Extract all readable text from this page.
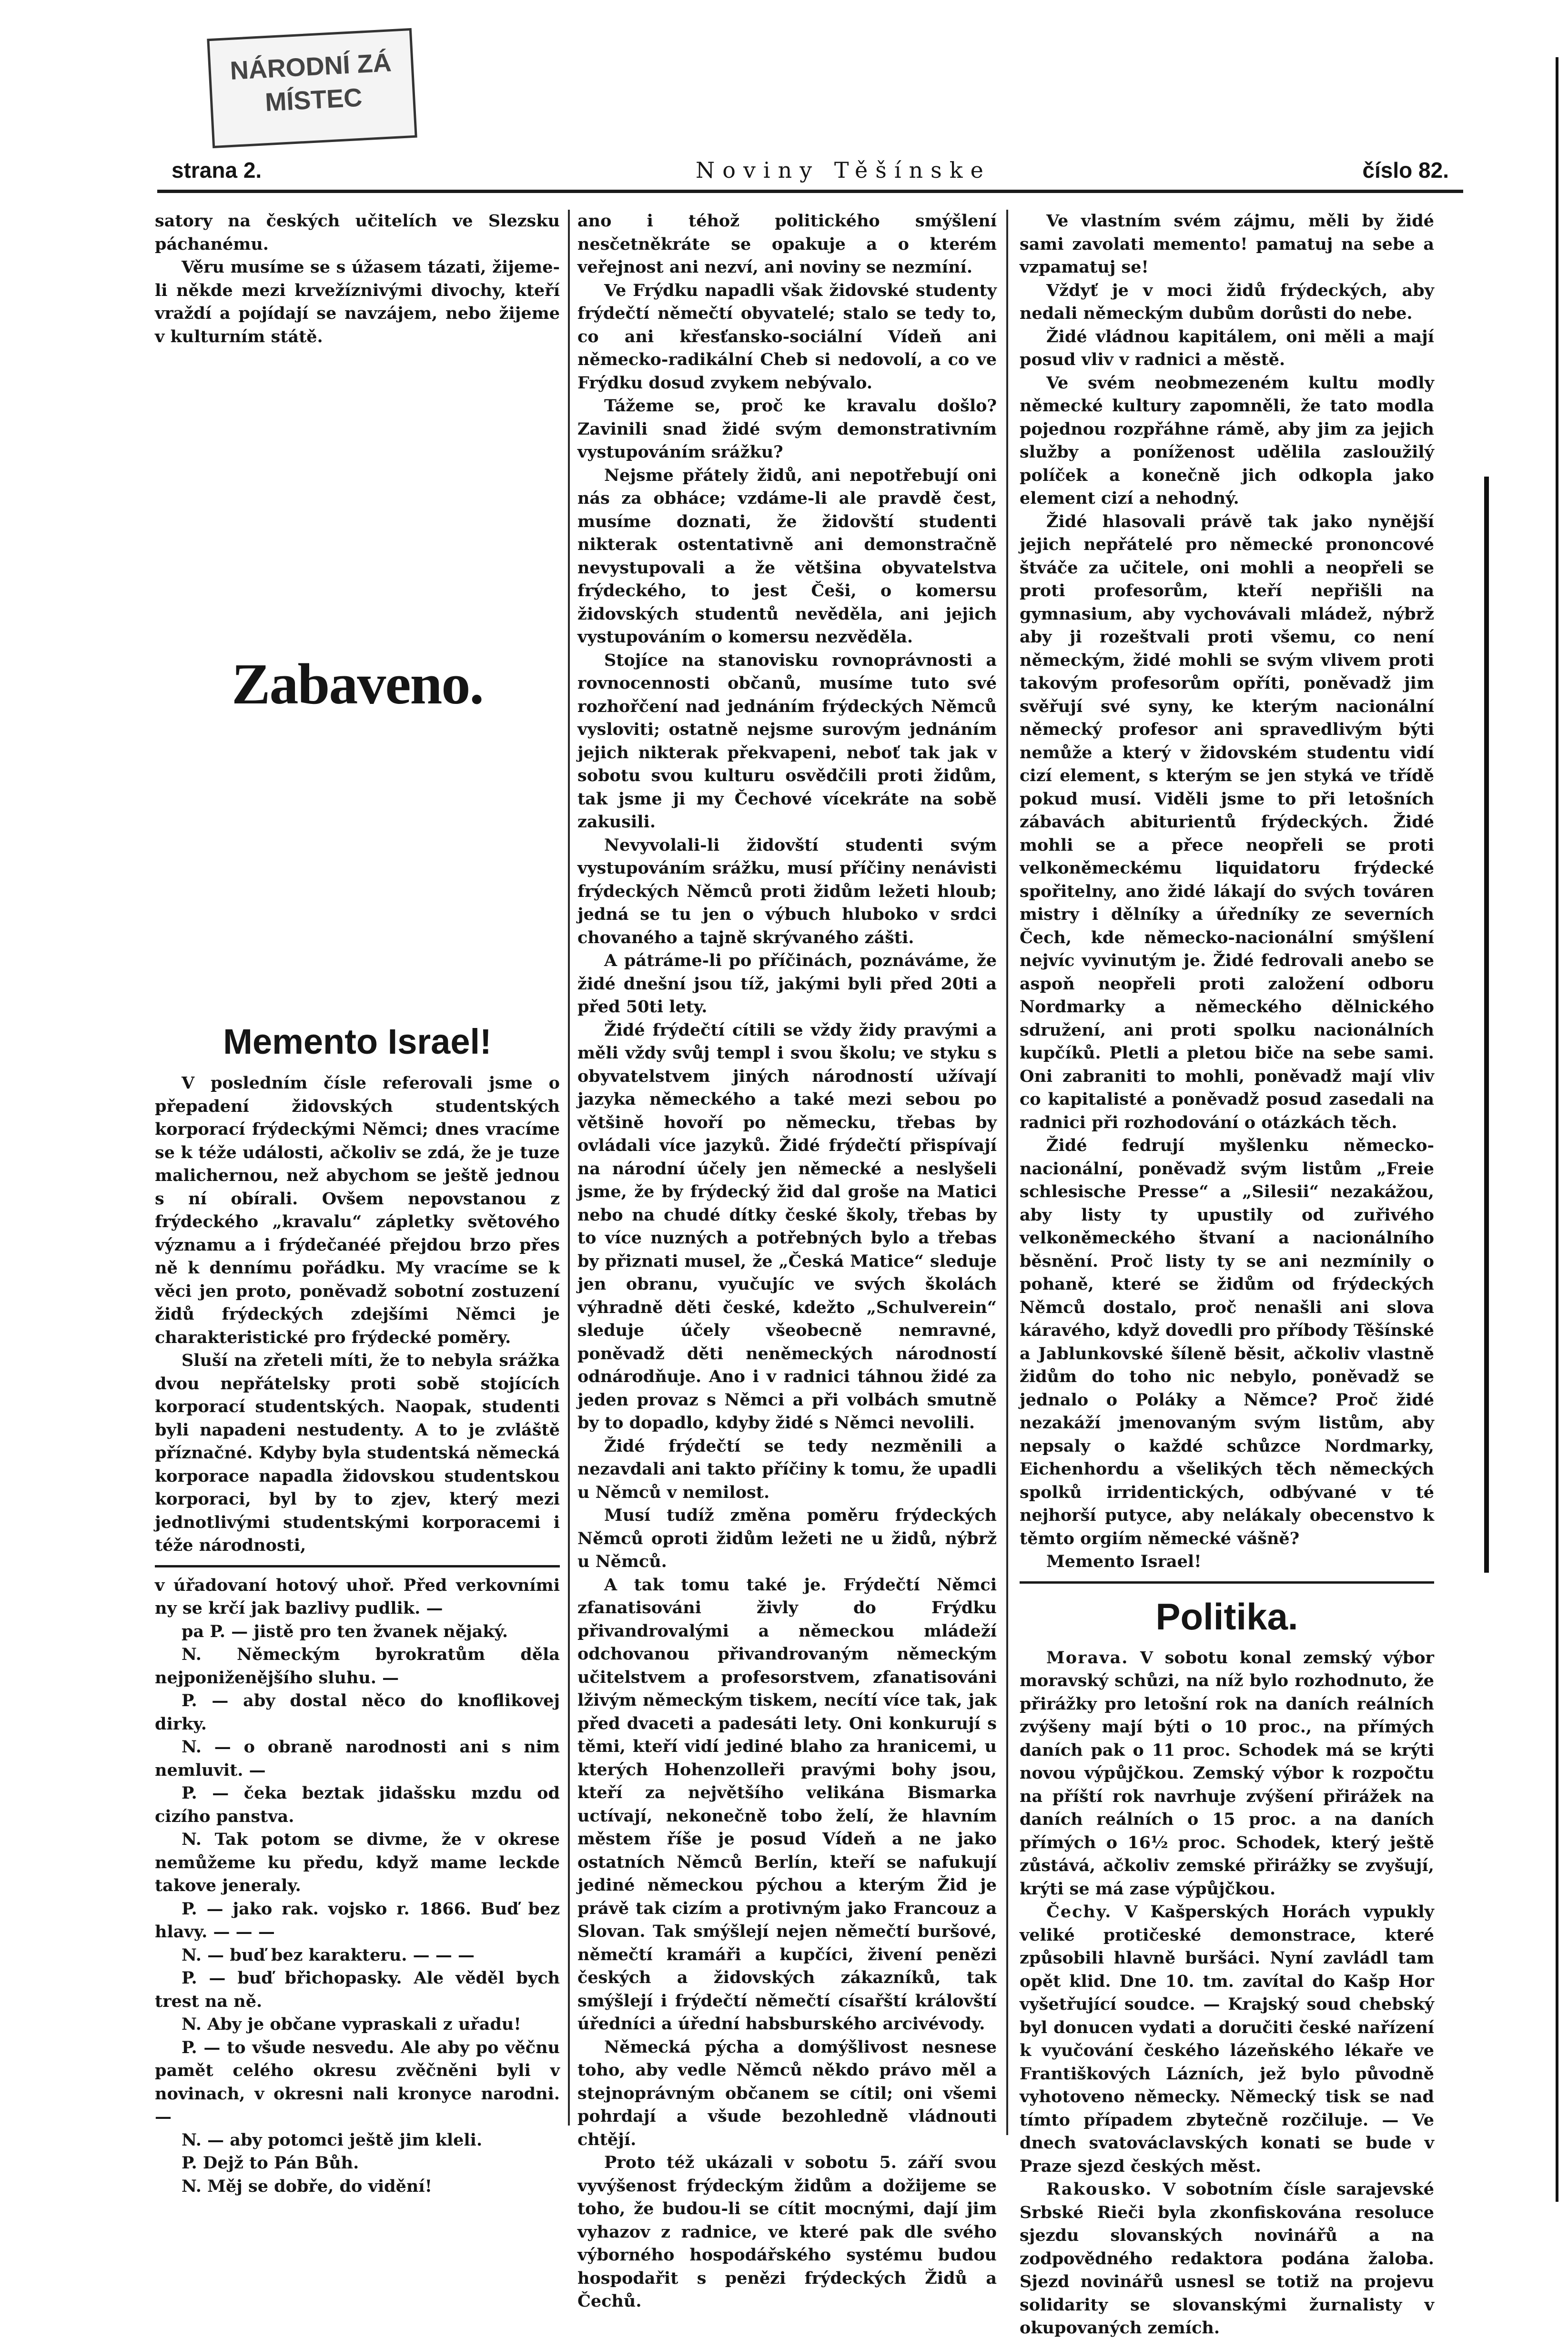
NÁRODNÍ ZÁ
MÍSTEC
strana 2.	Noviny Těšínske	číslo 82.

satory na českých učitelích ve Slezsku páchanému.

Věru musíme se s úžasem tázati, žijeme-li někde mezi krvežíznivými divochy, kteří vraždí a pojídají se navzájem, nebo žijeme v kulturním státě.

Zabaveno.
Memento Israel!

V posledním čísle referovali jsme o přepadení židovských studentských korporací frýdeckými Němci; dnes vracíme se k téže události, ačkoliv se zdá, že je tuze malichernou, než abychom se ještě jednou s ní obírali. Ovšem nepovstanou z frýdeckého „kravalu“ zápletky světového významu a i frýdečanéé přejdou brzo přes ně k dennímu pořádku. My vracíme se k věci jen proto, poněvadž sobotní zostuzení židů frýdeckých zdejšími Němci je charakteristické pro frýdecké poměry.

Sluší na zřeteli míti, že to nebyla srážka dvou nepřátelsky proti sobě stojících korporací studentských. Naopak, studenti byli napadeni nestudenty. A to je zvláště příznačné. Kdyby byla studentská německá korporace napadla židovskou studentskou korporaci, byl by to zjev, který mezi jednotlivými studentskými korporacemi i téže národnosti,

v úřadovaní hotový uhoř. Před verkovními ny se krčí jak bazlivy pudlik. —

pa P. — jistě pro ten žvanek nějaký.

N. Německým byrokratům děla nejponiženějšího sluhu. —

P. — aby dostal něco do knoflikovej dirky.

N. — o obraně narodnosti ani s nim nemluvit. —

P. — čeka beztak jidašsku mzdu od cizího panstva.

N. Tak potom se divme, že v okrese nemůžeme ku předu, když mame leckde takove jeneraly.

P. — jako rak. vojsko r. 1866. Buď bez hlavy. — — —

N. — buď bez karakteru. — — —

P. — buď břichopasky. Ale věděl bych trest na ně.

N. Aby je občane vypraskali z uřadu!

P. — to všude nesvedu. Ale aby po věčnu pamět celého okresu zvěčněni byli v novinach, v okresni nali kronyce narodni. —

N. — aby potomci ještě jim kleli.

P. Dejž to Pán Bůh.

N. Měj se dobře, do vidění!

ano i téhož politického smýšlení nesčetněkráte se opakuje a o kterém veřejnost ani nezví, ani noviny se nezmíní.

Ve Frýdku napadli však židovské studenty frýdečtí němečtí obyvatelé; stalo se tedy to, co ani křesťansko-sociální Vídeň ani německo-radikální Cheb si nedovolí, a co ve Frýdku dosud zvykem nebývalo.

Tážeme se, proč ke kravalu došlo? Zavinili snad židé svým demonstrativním vystupováním srážku?

Nejsme přátely židů, ani nepotřebují oni nás za obháce; vzdáme-li ale pravdě čest, musíme doznati, že židovští studenti nikterak ostentativně ani demonstračně nevystupovali a že většina obyvatelstva frýdeckého, to jest Češi, o komersu židovských studentů nevěděla, ani jejich vystupováním o komersu nezvěděla.

Stojíce na stanovisku rovnoprávnosti a rovnocennosti občanů, musíme tuto své rozhořčení nad jednáním frýdeckých Němců vysloviti; ostatně nejsme surovým jednáním jejich nikterak překvapeni, neboť tak jak v sobotu svou kulturu osvědčili proti židům, tak jsme ji my Čechové vícekráte na sobě zakusili.

Nevyvolali-li židovští studenti svým vystupováním srážku, musí příčiny nenávisti frýdeckých Němců proti židům ležeti hloub; jedná se tu jen o výbuch hluboko v srdci chovaného a tajně skrývaného zášti.

A pátráme-li po příčinách, poznáváme, že židé dnešní jsou tíž, jakými byli před 20ti a před 50ti lety.

Židé frýdečtí cítili se vždy židy pravými a měli vždy svůj templ i svou školu; ve styku s obyvatelstvem jiných národností užívají jazyka německého a také mezi sebou po většině hovoří po německu, třebas by ovládali více jazyků. Židé frýdečtí přispívají na národní účely jen německé a neslyšeli jsme, že by frýdecký žid dal groše na Matici nebo na chudé dítky české školy, třebas by to více nuzných a potřebných bylo a třebas by přiznati musel, že „Česká Matice“ sleduje jen obranu, vyučujíc ve svých školách výhradně děti české, kdežto „Schulverein“ sleduje účely všeobecně nemravné, poněvadž děti neněmeckých národností odnárodňuje. Ano i v radnici táhnou židé za jeden provaz s Němci a při volbách smutně by to dopadlo, kdyby židé s Němci nevolili.

Židé frýdečtí se tedy nezměnili a nezavdali ani takto příčiny k tomu, že upadli u Němců v nemilost.

Musí tudíž změna poměru frýdeckých Němců oproti židům ležeti ne u židů, nýbrž u Němců.

A tak tomu také je. Frýdečtí Němci zfanatisováni živly do Frýdku přivandrovalými a německou mládeží odchovanou přivandrovaným německým učitelstvem a profesorstvem, zfanatisováni lživým německým tiskem, necítí více tak, jak před dvaceti a padesáti lety. Oni konkurují s těmi, kteří vidí jediné blaho za hranicemi, u kterých Hohenzolleři pravými bohy jsou, kteří za největšího velikána Bismarka uctívají, nekonečně tobo želí, že hlavním městem říše je posud Vídeň a ne jako ostatních Němců Berlín, kteří se nafukují jediné německou pýchou a kterým Žid je právě tak cizím a protivným jako Francouz a Slovan. Tak smýšlejí nejen němečtí buršové, němečtí kramáři a kupčíci, živení penězi českých a židovských zákazníků, tak smýšlejí i frýdečtí němečtí císařští královští úředníci a úřední habsburského arcivévody.

Německá pýcha a domýšlivost nesnese toho, aby vedle Němců někdo právo měl a stejnoprávným občanem se cítil; oni všemi pohrdají a všude bezohledně vládnouti chtějí.

Proto též ukázali v sobotu 5. září svou vyvýšenost frýdeckým židům a dožijeme se toho, že budou-li se cítit mocnými, dají jim vyhazov z radnice, ve které pak dle svého výborného hospodářského systému budou hospodařit s penězi frýdeckých Židů a Čechů.

Ve vlastním svém zájmu, měli by židé sami zavolati memento! pamatuj na sebe a vzpamatuj se!

Vždyť je v moci židů frýdeckých, aby nedali německým dubům dorůsti do nebe.

Židé vládnou kapitálem, oni měli a mají posud vliv v radnici a městě.

Ve svém neobmezeném kultu modly německé kultury zapomněli, že tato modla pojednou rozpřáhne rámě, aby jim za jejich služby a poníženost udělila zasloužilý políček a konečně jich odkopla jako element cizí a nehodný.

Židé hlasovali právě tak jako nynější jejich nepřátelé pro německé prononcové štváče za učitele, oni mohli a neopřeli se proti profesorům, kteří nepřišli na gymnasium, aby vychovávali mládež, nýbrž aby ji rozeštvali proti všemu, co není německým, židé mohli se svým vlivem proti takovým profesorům opříti, poněvadž jim svěřují své syny, ke kterým nacionální německý profesor ani spravedlivým býti nemůže a který v židovském studentu vidí cizí element, s kterým se jen styká ve třídě pokud musí. Viděli jsme to při letošních zábavách abiturientů frýdeckých. Židé mohli se a přece neopřeli se proti velkoněmeckému liquidatoru frýdecké spořitelny, ano židé lákají do svých továren mistry i dělníky a úředníky ze severních Čech, kde německo-nacionální smýšlení nejvíc vyvinutým je. Židé fedrovali anebo se aspoň neopřeli proti založení odboru Nordmarky a německého dělnického sdružení, ani proti spolku nacionálních kupčíků. Pletli a pletou biče na sebe sami. Oni zabraniti to mohli, poněvadž mají vliv co kapitalisté a poněvadž posud zasedali na radnici při rozhodování o otázkách těch.

Židé fedrují myšlenku německo-nacionální, poněvadž svým listům „Freie schlesische Presse“ a „Silesii“ nezakážou, aby listy ty upustily od zuřivého velkoněmeckého štvaní a nacionálního běsnění. Proč listy ty se ani nezmínily o pohaně, které se židům od frýdeckých Němců dostalo, proč nenašli ani slova káravého, když dovedli pro příbody Těšínské a Jablunkovské šíleně běsit, ačkoliv vlastně židům do toho nic nebylo, poněvadž se jednalo o Poláky a Němce? Proč židé nezakáží jmenovaným svým listům, aby nepsaly o každé schůzce Nordmarky, Eichenhordu a všelikých těch německých spolků irridentických, odbývané v té nejhorší putyce, aby nelákaly obecenstvo k těmto orgiím německé vášně?

Memento Israel!

Politika.

Morava. V sobotu konal zemský výbor moravský schůzi, na níž bylo rozhodnuto, že přirážky pro letošní rok na daních reálních zvýšeny mají býti o 10 proc., na přímých daních pak o 11 proc. Schodek má se krýti novou výpůjčkou. Zemský výbor k rozpočtu na příští rok navrhuje zvýšení přirážek na daních reálních o 15 proc. a na daních přímých o 16½ proc. Schodek, který ještě zůstává, ačkoliv zemské přirážky se zvyšují, krýti se má zase výpůjčkou.

Čechy. V Kašperských Horách vypukly veliké protičeské demonstrace, které způsobili hlavně buršáci. Nyní zavládl tam opět klid. Dne 10. tm. zavítal do Kašp Hor vyšetřující soudce. — Krajský soud chebský byl donucen vydati a doručiti české nařízení k vyučování českého lázeňského lékaře ve Františkových Lázních, jež bylo původně vyhotoveno německy. Německý tisk se nad tímto případem zbytečně rozčiluje. — Ve dnech svatováclavských konati se bude v Praze sjezd českých měst.

Rakousko. V sobotním čísle sarajevské Srbské Rieči byla zkonfiskována resoluce sjezdu slovanských novinářů a na zodpovědného redaktora podána žaloba. Sjezd novinářů usnesl se totiž na projevu solidarity se slovanskými žurnalisty v okupovaných zemích.
